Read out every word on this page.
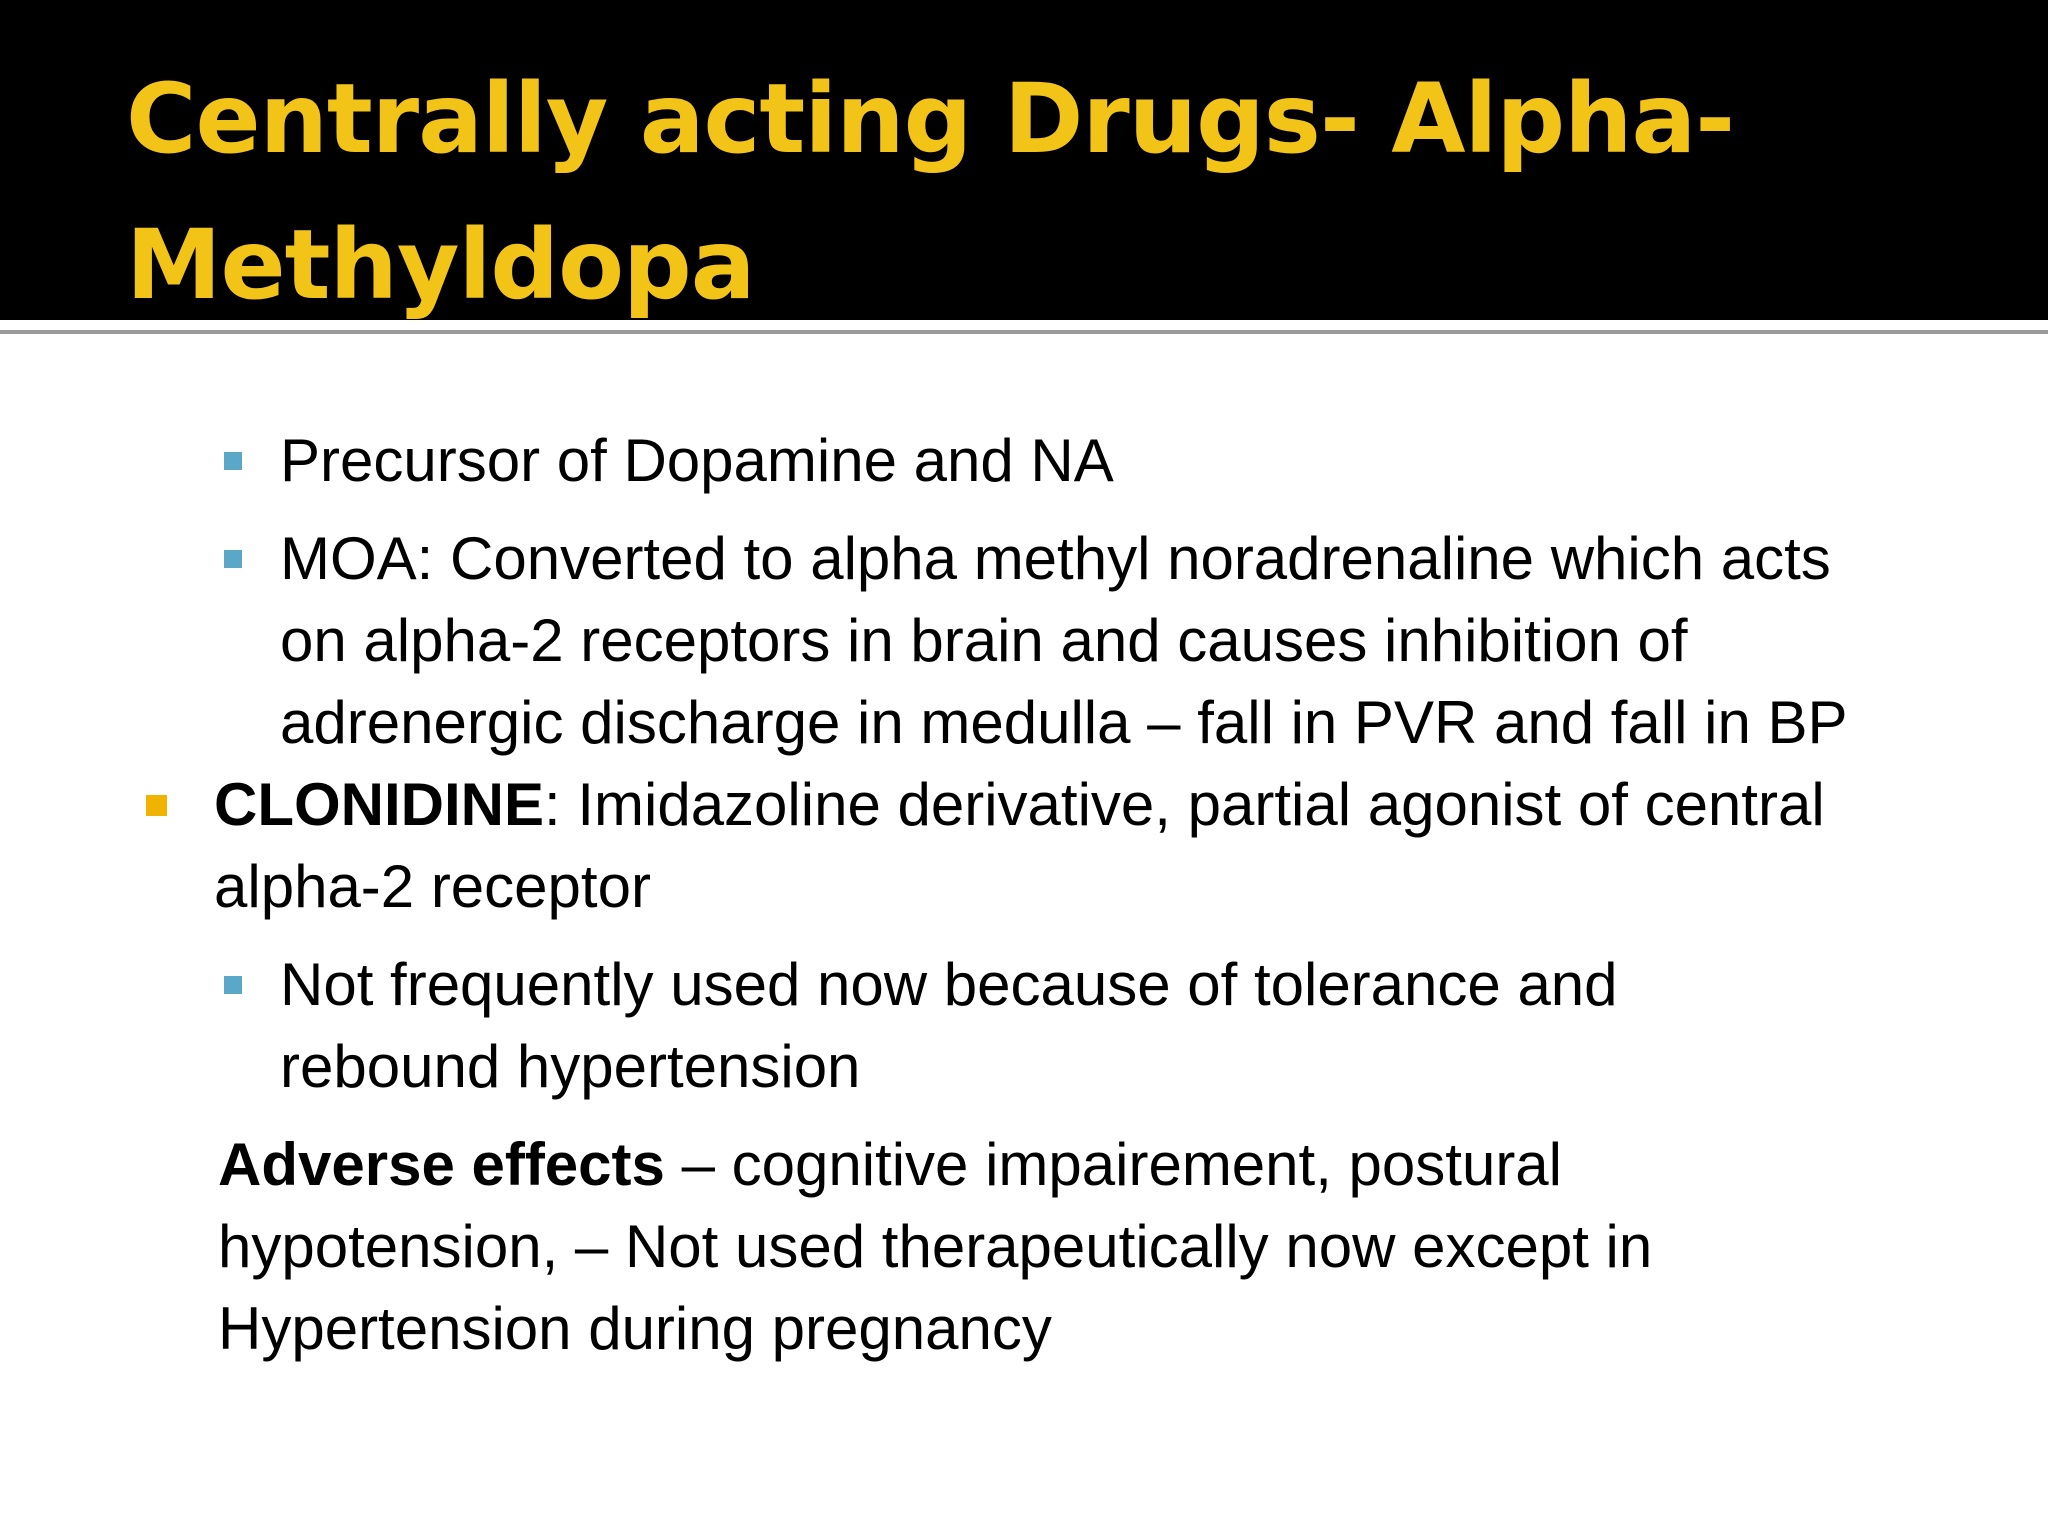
Centrally acting Drugs- Alpha-
Methyldopa

Precursor of Dopamine and NA

MOA: Converted to alpha methyl noradrenaline which acts

on alpha-2 receptors in brain and causes inhibition of

adrenergic discharge in medulla – fall in PVR and fall in BP

CLONIDINE: Imidazoline derivative, partial agonist of central

alpha-2 receptor

Not frequently used now because of tolerance and

rebound hypertension

Adverse effects – cognitive impairement, postural

hypotension, – Not used therapeutically now except in

Hypertension during pregnancy
